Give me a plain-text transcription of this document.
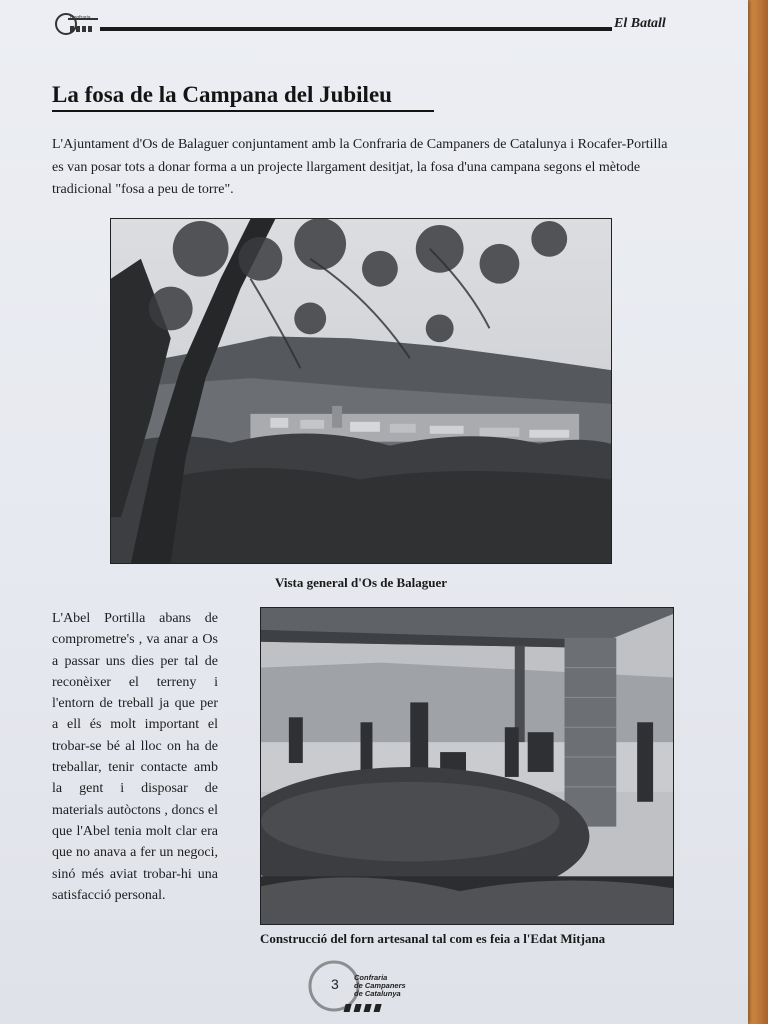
Confraria	El Batall
La fosa de la Campana del Jubileu

L'Ajuntament d'Os de Balaguer conjuntament amb la Confraria de Campaners de Catalunya i Rocafer-Portilla es van posar tots a donar forma a un projecte llargament desitjat, la fosa d'una campana segons el mètode tradicional "fosa a peu de torre".

Vista general d'Os de Balaguer

L'Abel Portilla abans de comprometre's , va anar a Os a passar uns dies per tal de reconèixer el terreny i l'entorn de treball ja que per a ell és molt important el trobar-se bé al lloc on ha de treballar, tenir contacte amb la gent i disposar de materials autòctons , doncs el que l'Abel tenia molt clar era que no anava a fer un negoci, sinó més aviat trobar-hi una satisfacció personal.

Construcció del forn artesanal tal com es feia a l'Edat Mitjana

3 Confraria
de Campaners
de Catalunya
